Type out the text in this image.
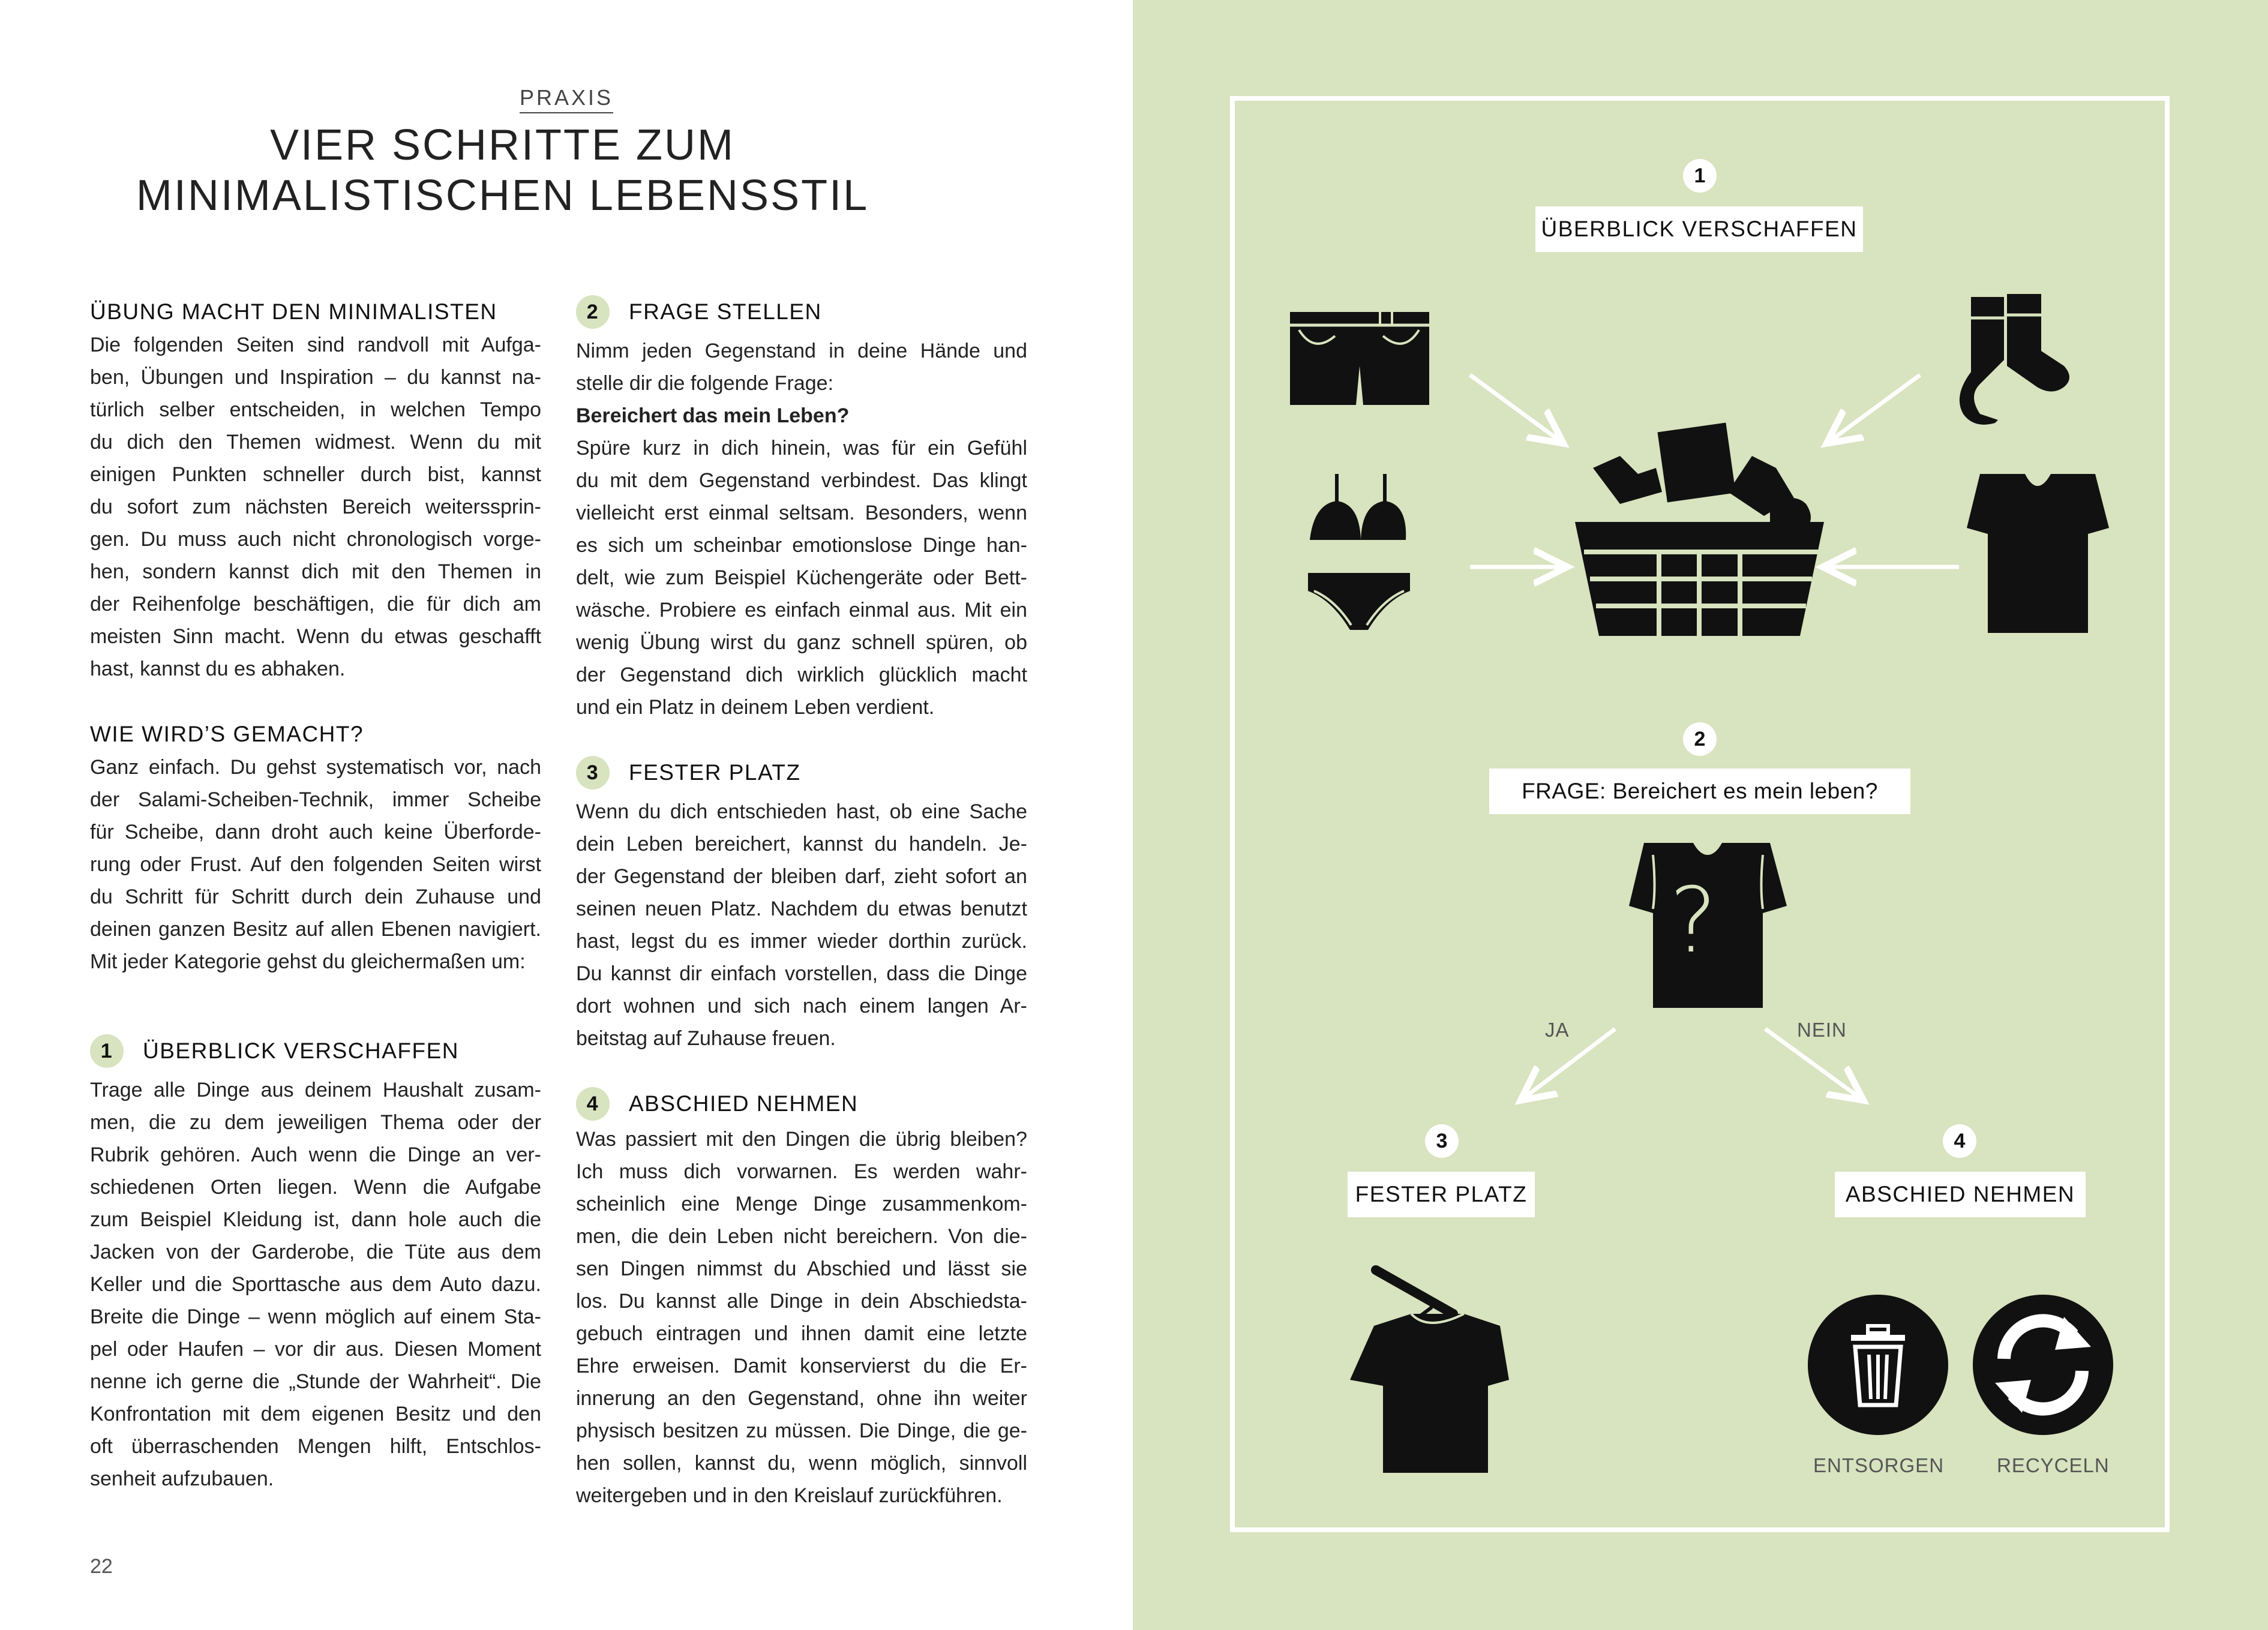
PRAXIS
VIER SCHRITTE ZUM
MINIMALISTISCHEN LEBENSSTIL
ÜBUNG MACHT DEN MINIMALISTEN
Die folgenden Seiten sind randvoll mit Aufga-
ben, Übungen und Inspiration – du kannst na-
türlich selber entscheiden, in welchen Tempo
du dich den Themen widmest. Wenn du mit
einigen Punkten schneller durch bist, kannst
du sofort zum nächsten Bereich weiterssprin-
gen. Du muss auch nicht chronologisch vorge-
hen, sondern kannst dich mit den Themen in
der Reihenfolge beschäftigen, die für dich am
meisten Sinn macht. Wenn du etwas geschafft
hast, kannst du es abhaken.
WIE WIRD’S GEMACHT?
Ganz einfach. Du gehst systematisch vor, nach
der Salami-Scheiben-Technik, immer Scheibe
für Scheibe, dann droht auch keine Überforde-
rung oder Frust. Auf den folgenden Seiten wirst
du Schritt für Schritt durch dein Zuhause und
deinen ganzen Besitz auf allen Ebenen navigiert.
Mit jeder Kategorie gehst du gleichermaßen um:
1	ÜBERBLICK VERSCHAFFEN
Trage alle Dinge aus deinem Haushalt zusam-
men, die zu dem jeweiligen Thema oder der
Rubrik gehören. Auch wenn die Dinge an ver-
schiedenen Orten liegen. Wenn die Aufgabe
zum Beispiel Kleidung ist, dann hole auch die
Jacken von der Garderobe, die Tüte aus dem
Keller und die Sporttasche aus dem Auto dazu.
Breite die Dinge – wenn möglich auf einem Sta-
pel oder Haufen – vor dir aus. Diesen Moment
nenne ich gerne die „Stunde der Wahrheit“. Die
Konfrontation mit dem eigenen Besitz und den
oft überraschenden Mengen hilft, Entschlos-
senheit aufzubauen.
2	FRAGE STELLEN
Nimm jeden Gegenstand in deine Hände und
stelle dir die folgende Frage:
Bereichert das mein Leben?
Spüre kurz in dich hinein, was für ein Gefühl
du mit dem Gegenstand verbindest. Das klingt
vielleicht erst einmal seltsam. Besonders, wenn
es sich um scheinbar emotionslose Dinge han-
delt, wie zum Beispiel Küchengeräte oder Bett-
wäsche. Probiere es einfach einmal aus. Mit ein
wenig Übung wirst du ganz schnell spüren, ob
der Gegenstand dich wirklich glücklich macht
und ein Platz in deinem Leben verdient.
3	FESTER PLATZ
Wenn du dich entschieden hast, ob eine Sache
dein Leben bereichert, kannst du handeln. Je-
der Gegenstand der bleiben darf, zieht sofort an
seinen neuen Platz. Nachdem du etwas benutzt
hast, legst du es immer wieder dorthin zurück.
Du kannst dir einfach vorstellen, dass die Dinge
dort wohnen und sich nach einem langen Ar-
beitstag auf Zuhause freuen.
4	ABSCHIED NEHMEN
Was passiert mit den Dingen die übrig bleiben?
Ich muss dich vorwarnen. Es werden wahr-
scheinlich eine Menge Dinge zusammenkom-
men, die dein Leben nicht bereichern. Von die-
sen Dingen nimmst du Abschied und lässt sie
los. Du kannst alle Dinge in dein Abschiedsta-
gebuch eintragen und ihnen damit eine letzte
Ehre erweisen. Damit konservierst du die Er-
innerung an den Gegenstand, ohne ihn weiter
physisch besitzen zu müssen. Die Dinge, die ge-
hen sollen, kannst du, wenn möglich, sinnvoll
weitergeben und in den Kreislauf zurückführen.
22
1
ÜBERBLICK VERSCHAFFEN
2
FRAGE: Bereichert es mein leben?
?
JA	NEIN
3
FESTER PLATZ
4
ABSCHIED NEHMEN
ENTSORGEN	RECYCELN
